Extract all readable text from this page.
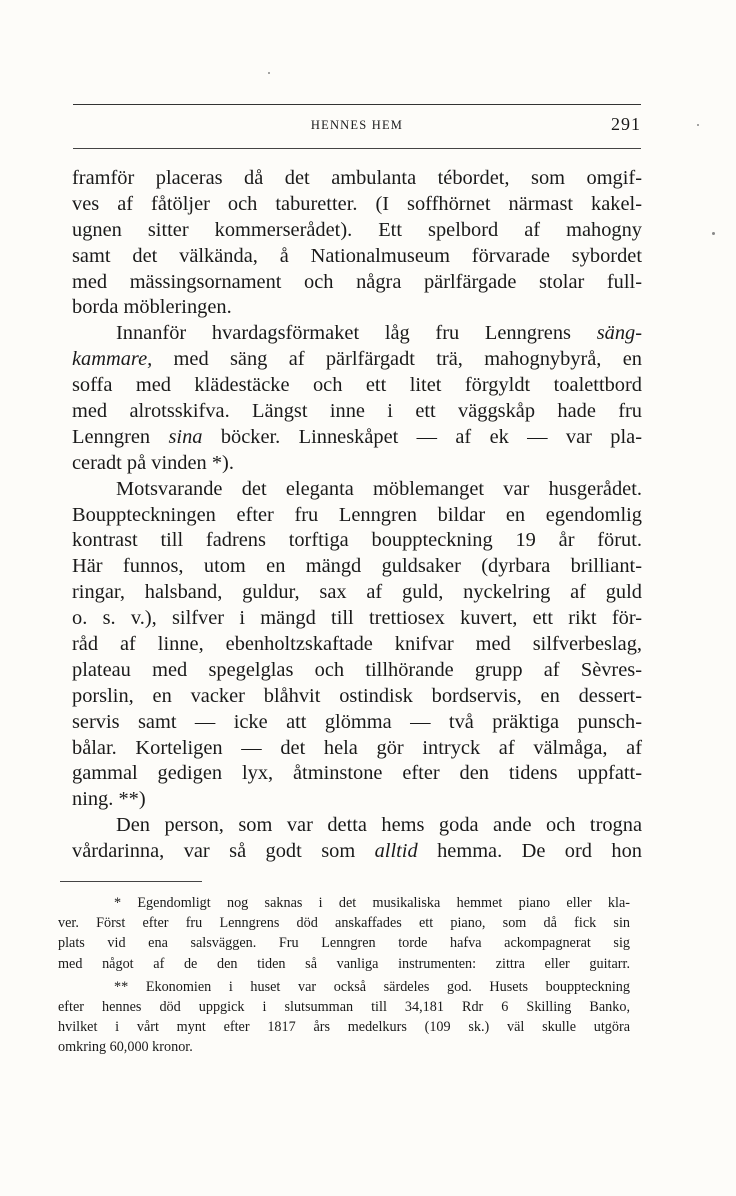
HENNES HEM	291
framför placeras då det ambulanta tébordet, som omgif-
ves af fåtöljer och taburetter. (I soffhörnet närmast kakel-
ugnen sitter kommerserådet). Ett spelbord af mahogny
samt det välkända, å Nationalmuseum förvarade sybordet
med mässingsornament och några pärlfärgade stolar full-
borda möbleringen.
Innanför hvardagsförmaket låg fru Lenngrens säng-
kammare, med säng af pärlfärgadt trä, mahognybyrå, en
soffa med klädestäcke och ett litet förgyldt toalettbord
med alrotsskifva. Längst inne i ett väggskåp hade fru
Lenngren sina böcker. Linneskåpet — af ek — var pla-
ceradt på vinden *).
Motsvarande det eleganta möblemanget var husgerådet.
Bouppteckningen efter fru Lenngren bildar en egendomlig
kontrast till fadrens torftiga bouppteckning 19 år förut.
Här funnos, utom en mängd guldsaker (dyrbara brilliant-
ringar, halsband, guldur, sax af guld, nyckelring af guld
o. s. v.), silfver i mängd till trettiosex kuvert, ett rikt för-
råd af linne, ebenholtzskaftade knifvar med silfverbeslag,
plateau med spegelglas och tillhörande grupp af Sèvres-
porslin, en vacker blåhvit ostindisk bordservis, en dessert-
servis samt — icke att glömma — två präktiga punsch-
bålar. Korteligen — det hela gör intryck af välmåga, af
gammal gedigen lyx, åtminstone efter den tidens uppfatt-
ning. **)
Den person, som var detta hems goda ande och trogna
vårdarinna, var så godt som alltid hemma. De ord hon
* Egendomligt nog saknas i det musikaliska hemmet piano eller kla-
ver. Först efter fru Lenngrens död anskaffades ett piano, som då fick sin
plats vid ena salsväggen. Fru Lenngren torde hafva ackompagnerat sig
med något af de den tiden så vanliga instrumenten: zittra eller guitarr.
** Ekonomien i huset var också särdeles god. Husets bouppteckning
efter hennes död uppgick i slutsumman till 34,181 Rdr 6 Skilling Banko,
hvilket i vårt mynt efter 1817 års medelkurs (109 sk.) väl skulle utgöra
omkring 60,000 kronor.
